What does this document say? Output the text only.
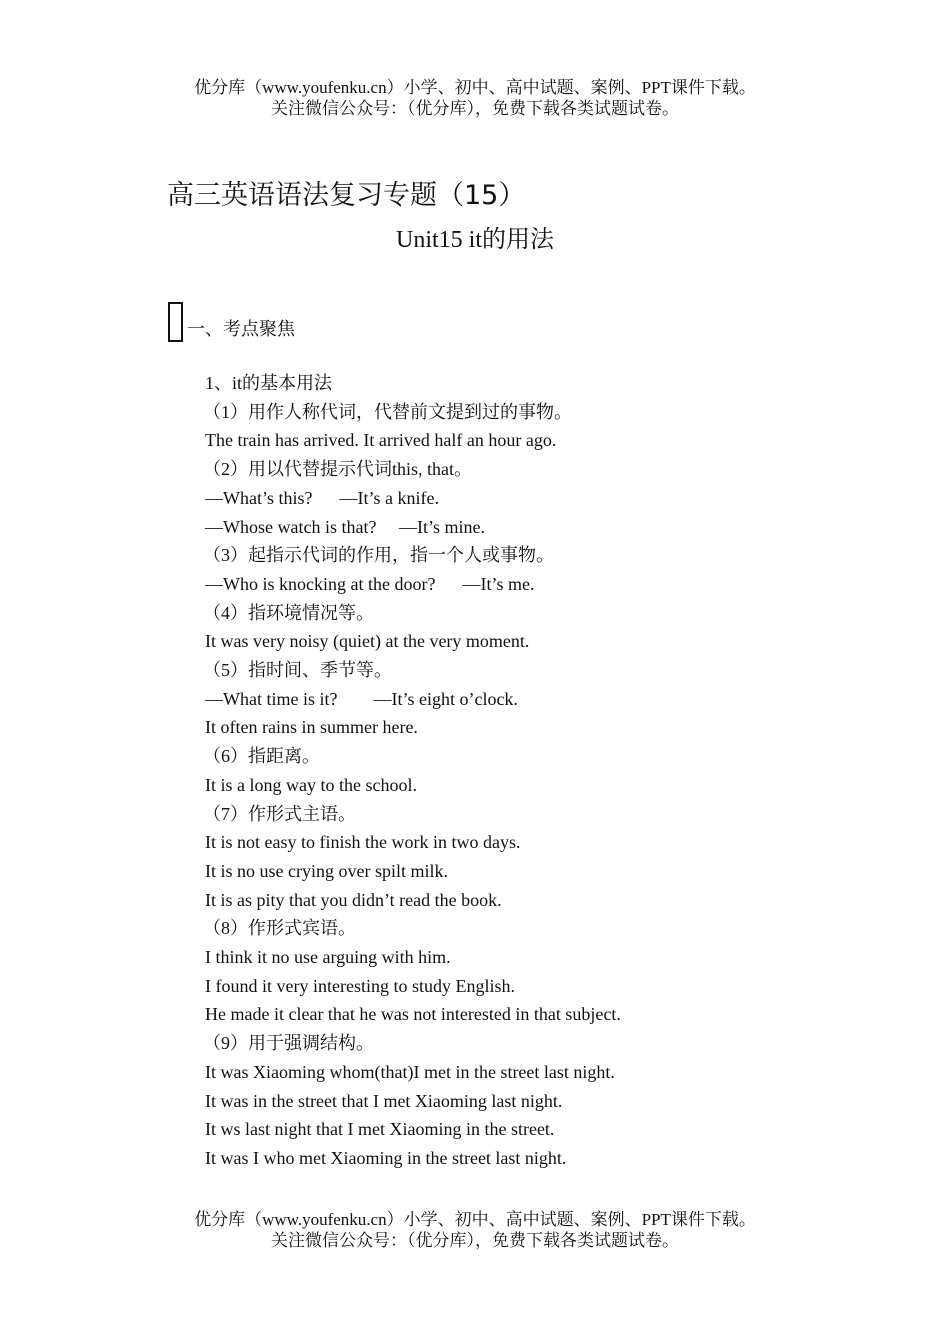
优分库（www.youfenku.cn）小学、初中、高中试题、案例、PPT课件下载。
关注微信公众号：（优分库），免费下载各类试题试卷。
高三英语语法复习专题（15）
Unit15 it的用法
一、考点聚焦
1、it的基本用法
（1）用作人称代词，代替前文提到过的事物。
The train has arrived. It arrived half an hour ago.
（2）用以代替提示代词this, that。
—What’s this?      —It’s a knife.
—Whose watch is that?     —It’s mine.
（3）起指示代词的作用，指一个人或事物。
—Who is knocking at the door?      —It’s me.
（4）指环境情况等。
It was very noisy (quiet) at the very moment.
（5）指时间、季节等。
—What time is it?        —It’s eight o’clock.
It often rains in summer here.
（6）指距离。
It is a long way to the school.
（7）作形式主语。
It is not easy to finish the work in two days.
It is no use crying over spilt milk.
It is as pity that you didn’t read the book.
（8）作形式宾语。
I think it no use arguing with him.
I found it very interesting to study English.
He made it clear that he was not interested in that subject.
（9）用于强调结构。
It was Xiaoming whom(that)I met in the street last night.
It was in the street that I met Xiaoming last night.
It ws last night that I met Xiaoming in the street.
It was I who met Xiaoming in the street last night.
优分库（www.youfenku.cn）小学、初中、高中试题、案例、PPT课件下载。
关注微信公众号：（优分库），免费下载各类试题试卷。
